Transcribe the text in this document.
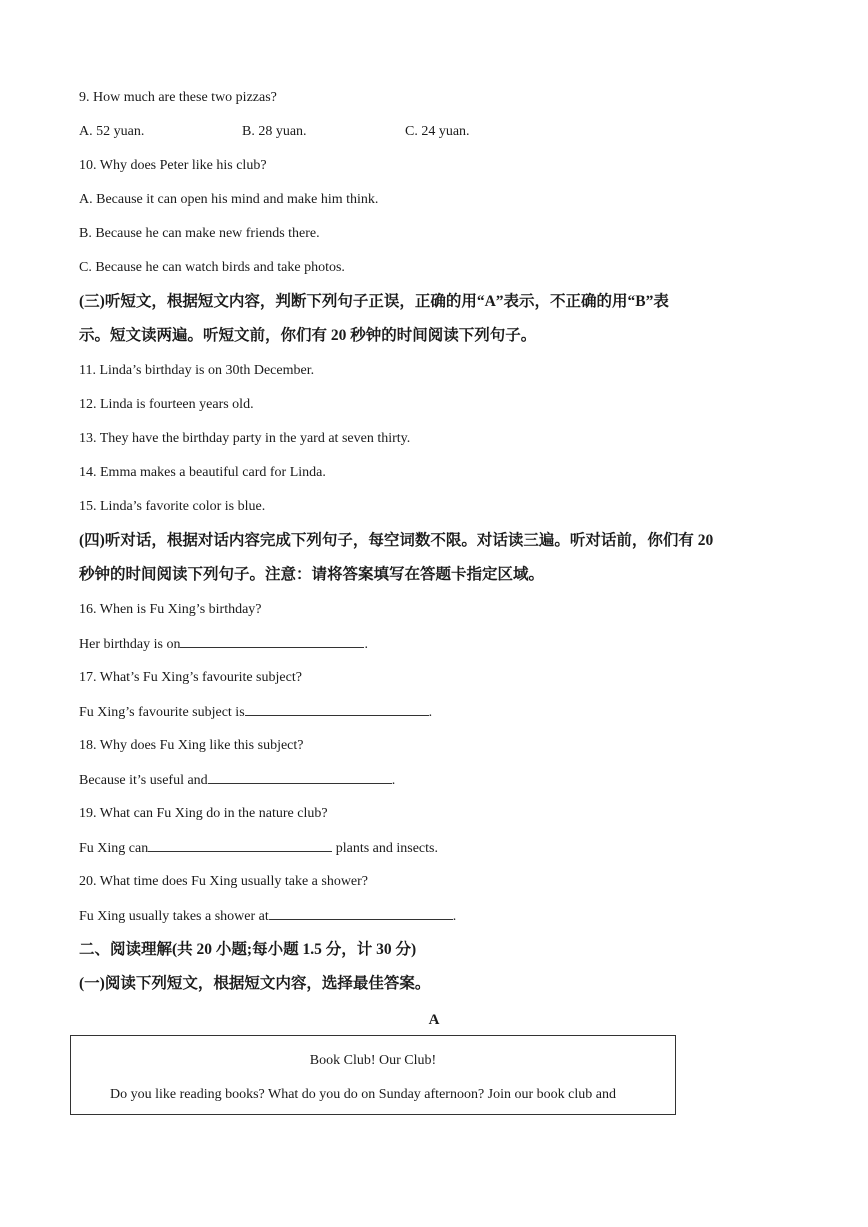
9. How much are these two pizzas?
A. 52 yuan.	B. 28 yuan.	C. 24 yuan.
10. Why does Peter like his club?
A. Because it can open his mind and make him think.
B. Because he can make new friends there.
C. Because he can watch birds and take photos.
(三)听短文，根据短文内容，判断下列句子正误，正确的用“A”表示，不正确的用“B”表
示。短文读两遍。听短文前，你们有 20 秒钟的时间阅读下列句子。
11. Linda’s birthday is on 30th December.
12. Linda is fourteen years old.
13. They have the birthday party in the yard at seven thirty.
14. Emma makes a beautiful card for Linda.
15. Linda’s favorite color is blue.
(四)听对话，根据对话内容完成下列句子，每空词数不限。对话读三遍。听对话前，你们有 20
秒钟的时间阅读下列句子。注意：请将答案填写在答题卡指定区域。
16. When is Fu Xing’s birthday?
Her birthday is on	.
17. What’s Fu Xing’s favourite subject?
Fu Xing’s favourite subject is	.
18. Why does Fu Xing like this subject?
Because it’s useful and	.
19. What can Fu Xing do in the nature club?
Fu Xing can	plants and insects.
20. What time does Fu Xing usually take a shower?
Fu Xing usually takes a shower at	.
二、阅读理解(共 20 小题;每小题 1.5 分，计 30 分)
(一)阅读下列短文，根据短文内容，选择最佳答案。
A
Book Club! Our Club!
Do you like reading books? What do you do on Sunday afternoon? Join our book club and
